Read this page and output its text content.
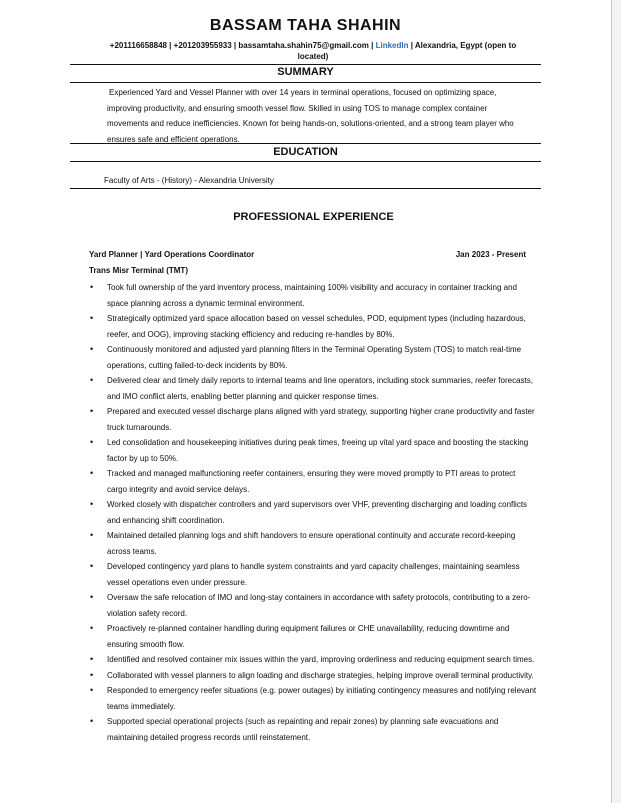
BASSAM TAHA SHAHIN
+201116658848 | +201203955933 | bassamtaha.shahin75@gmail.com | LinkedIn | Alexandria, Egypt (open to located)
SUMMARY
Experienced Yard and Vessel Planner with over 14 years in terminal operations, focused on optimizing space, improving productivity, and ensuring smooth vessel flow. Skilled in using TOS to manage complex container movements and reduce inefficiencies. Known for being hands-on, solutions-oriented, and a strong team player who ensures safe and efficient operations.
EDUCATION
Faculty of Arts - (History) - Alexandria University
PROFESSIONAL EXPERIENCE
Yard Planner | Yard Operations Coordinator	Jan 2023 - Present
Trans Misr Terminal (TMT)
• Took full ownership of the yard inventory process, maintaining 100% visibility and accuracy in container tracking and space planning across a dynamic terminal environment.
• Strategically optimized yard space allocation based on vessel schedules, POD, equipment types (including hazardous, reefer, and OOG), improving stacking efficiency and reducing re-handles by 80%.
• Continuously monitored and adjusted yard planning filters in the Terminal Operating System (TOS) to match real-time operations, cutting failed-to-deck incidents by 80%.
• Delivered clear and timely daily reports to internal teams and line operators, including stock summaries, reefer forecasts, and IMO conflict alerts, enabling better planning and quicker response times.
• Prepared and executed vessel discharge plans aligned with yard strategy, supporting higher crane productivity and faster truck turnarounds.
• Led consolidation and housekeeping initiatives during peak times, freeing up vital yard space and boosting the stacking factor by up to 50%.
• Tracked and managed malfunctioning reefer containers, ensuring they were moved promptly to PTI areas to protect cargo integrity and avoid service delays.
• Worked closely with dispatcher controllers and yard supervisors over VHF, preventing discharging and loading conflicts and enhancing shift coordination.
• Maintained detailed planning logs and shift handovers to ensure operational continuity and accurate record-keeping across teams.
• Developed contingency yard plans to handle system constraints and yard capacity challenges, maintaining seamless vessel operations even under pressure.
• Oversaw the safe relocation of IMO and long-stay containers in accordance with safety protocols, contributing to a zero-violation safety record.
• Proactively re-planned container handling during equipment failures or CHE unavailability, reducing downtime and ensuring smooth flow.
• Identified and resolved container mix issues within the yard, improving orderliness and reducing equipment search times.
• Collaborated with vessel planners to align loading and discharge strategies, helping improve overall terminal productivity.
• Responded to emergency reefer situations (e.g. power outages) by initiating contingency measures and notifying relevant teams immediately.
• Supported special operational projects (such as repainting and repair zones) by planning safe evacuations and maintaining detailed progress records until reinstatement.
